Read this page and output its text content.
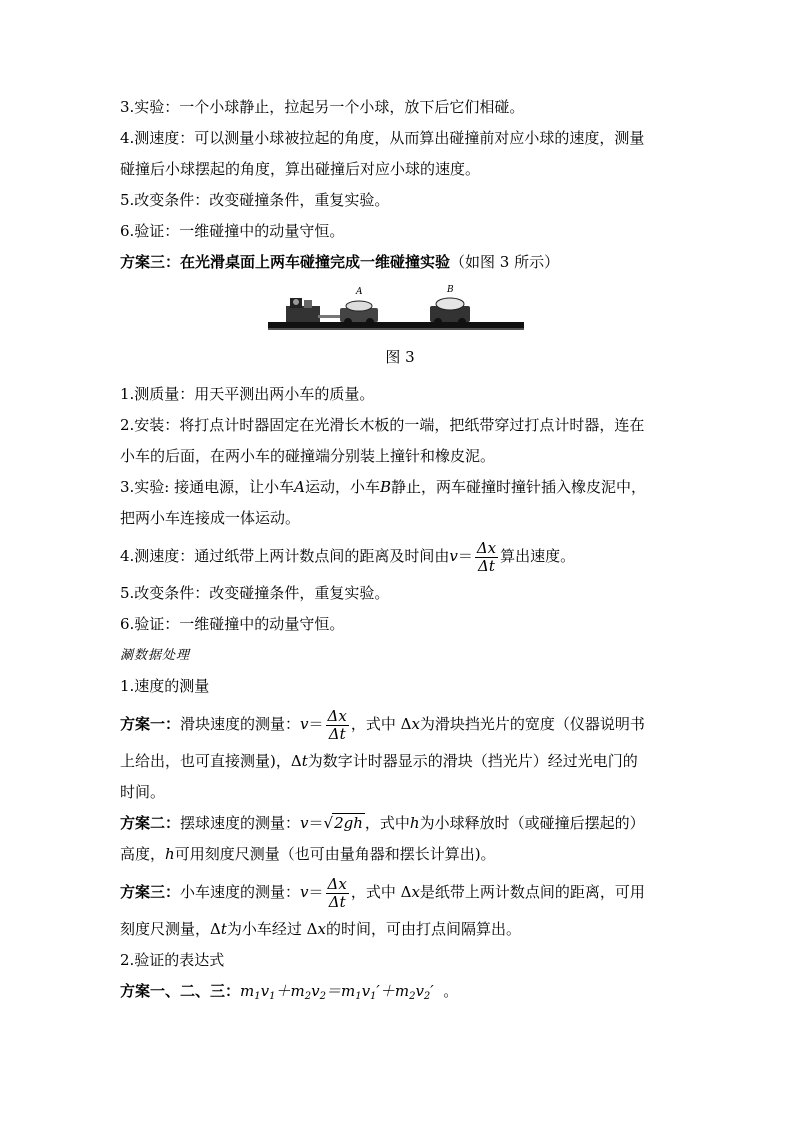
3.实验：一个小球静止，拉起另一个小球，放下后它们相碰。

4.测速度：可以测量小球被拉起的角度，从而算出碰撞前对应小球的速度，测量

碰撞后小球摆起的角度，算出碰撞后对应小球的速度。

5.改变条件：改变碰撞条件，重复实验。

6.验证：一维碰撞中的动量守恒。

方案三：在光滑桌面上两车碰撞完成一维碰撞实验（如图 3 所示）

A	B

图 3

1.测质量：用天平测出两小车的质量。

2.安装：将打点计时器固定在光滑长木板的一端，把纸带穿过打点计时器，连在

小车的后面，在两小车的碰撞端分别装上撞针和橡皮泥。

3.实验: 接通电源，让小车A运动，小车B静止，两车碰撞时撞针插入橡皮泥中，

把两小车连接成一体运动。

4.测速度：通过纸带上两计数点间的距离及时间由$v= \frac{\Delta x}{\Delta t}$ 算出速度。

5.改变条件：改变碰撞条件，重复实验。

6.验证：一维碰撞中的动量守恒。

涮数据处理

1.速度的测量

方案一：滑块速度的测量：$v= \frac{\Delta x}{\Delta t}$ ，式中 Δx为滑块挡光片的宽度（仪器说明书

上给出，也可直接测量)，Δt为数字计时器显示的滑块（挡光片）经过光电门的

时间。

方案二：摆球速度的测量：v＝√2gh ，式中h为小球释放时（或碰撞后摆起的）

高度，h可用刻度尺测量（也可由量角器和摆长计算出)。

方案三：小车速度的测量：$v= \frac{\Delta x}{\Delta t}$ ，式中 Δx是纸带上两计数点间的距离，可用

刻度尺测量，Δt为小车经过 Δx的时间，可由打点间隔算出。

2.验证的表达式

方案一、二、三：$m_1v_1+m_2v_2=m_1v_1'+m_2v_2'$ 。
